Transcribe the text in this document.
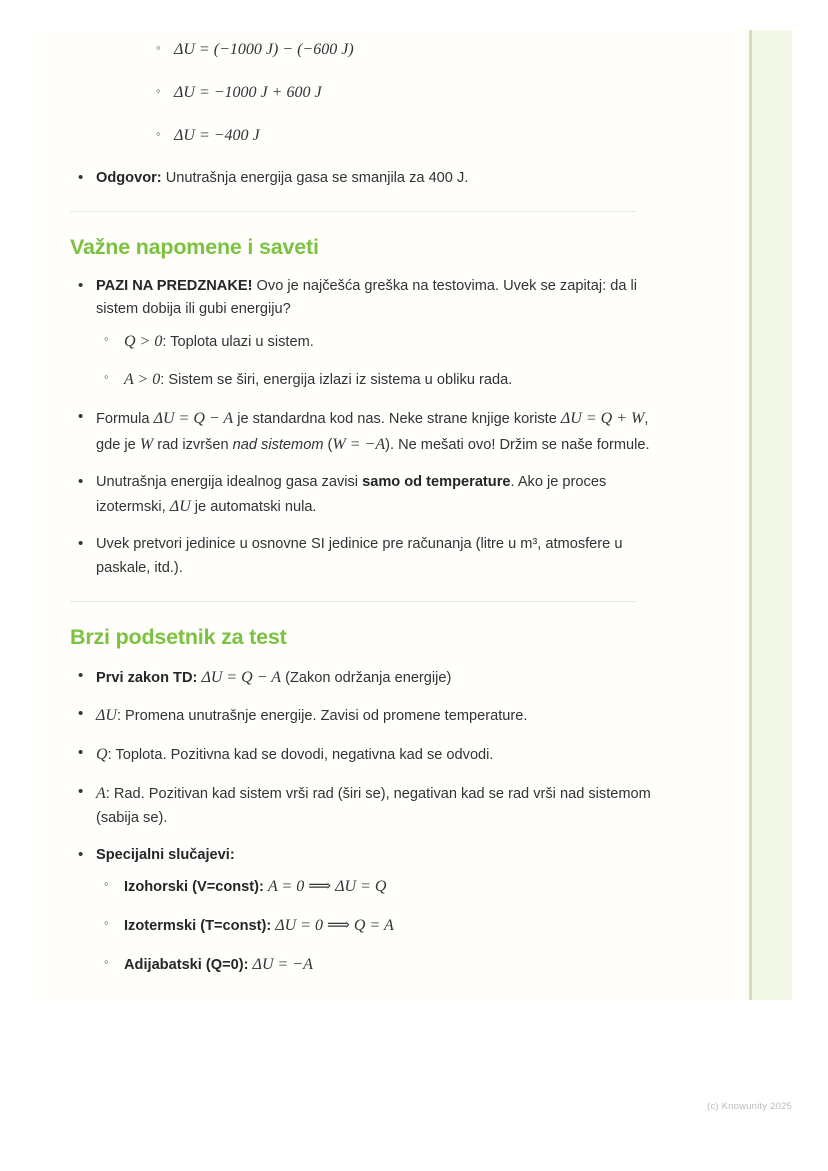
◦ ΔU = (−1000 J) − (−600 J)
◦ ΔU = −1000 J + 600 J
◦ ΔU = −400 J
• Odgovor: Unutrašnja energija gasa se smanjila za 400 J.
Važne napomene i saveti
• PAZI NA PREDZNAKE! Ovo je najčešća greška na testovima. Uvek se zapitaj: da li sistem dobija ili gubi energiju?
◦ Q > 0: Toplota ulazi u sistem.
◦ A > 0: Sistem se širi, energija izlazi iz sistema u obliku rada.
• Formula ΔU = Q − A je standardna kod nas. Neke strane knjige koriste ΔU = Q + W, gde je W rad izvršen nad sistemom (W = −A). Ne mešati ovo! Držim se naše formule.
• Unutrašnja energija idealnog gasa zavisi samo od temperature. Ako je proces izotermski, ΔU je automatski nula.
• Uvek pretvori jedinice u osnovne SI jedinice pre računanja (litre u m³, atmosfere u paskale, itd.).
Brzi podsetnik za test
• Prvi zakon TD: ΔU = Q − A (Zakon održanja energije)
• ΔU: Promena unutrašnje energije. Zavisi od promene temperature.
• Q: Toplota. Pozitivna kad se dovodi, negativna kad se odvodi.
• A: Rad. Pozitivan kad sistem vrši rad (širi se), negativan kad se rad vrši nad sistemom (sabija se).
• Specijalni slučajevi:
◦ Izohorski (V=const): A = 0 ⟹ ΔU = Q
◦ Izotermski (T=const): ΔU = 0 ⟹ Q = A
◦ Adijabatski (Q=0): ΔU = −A
(c) Knowunity 2025
